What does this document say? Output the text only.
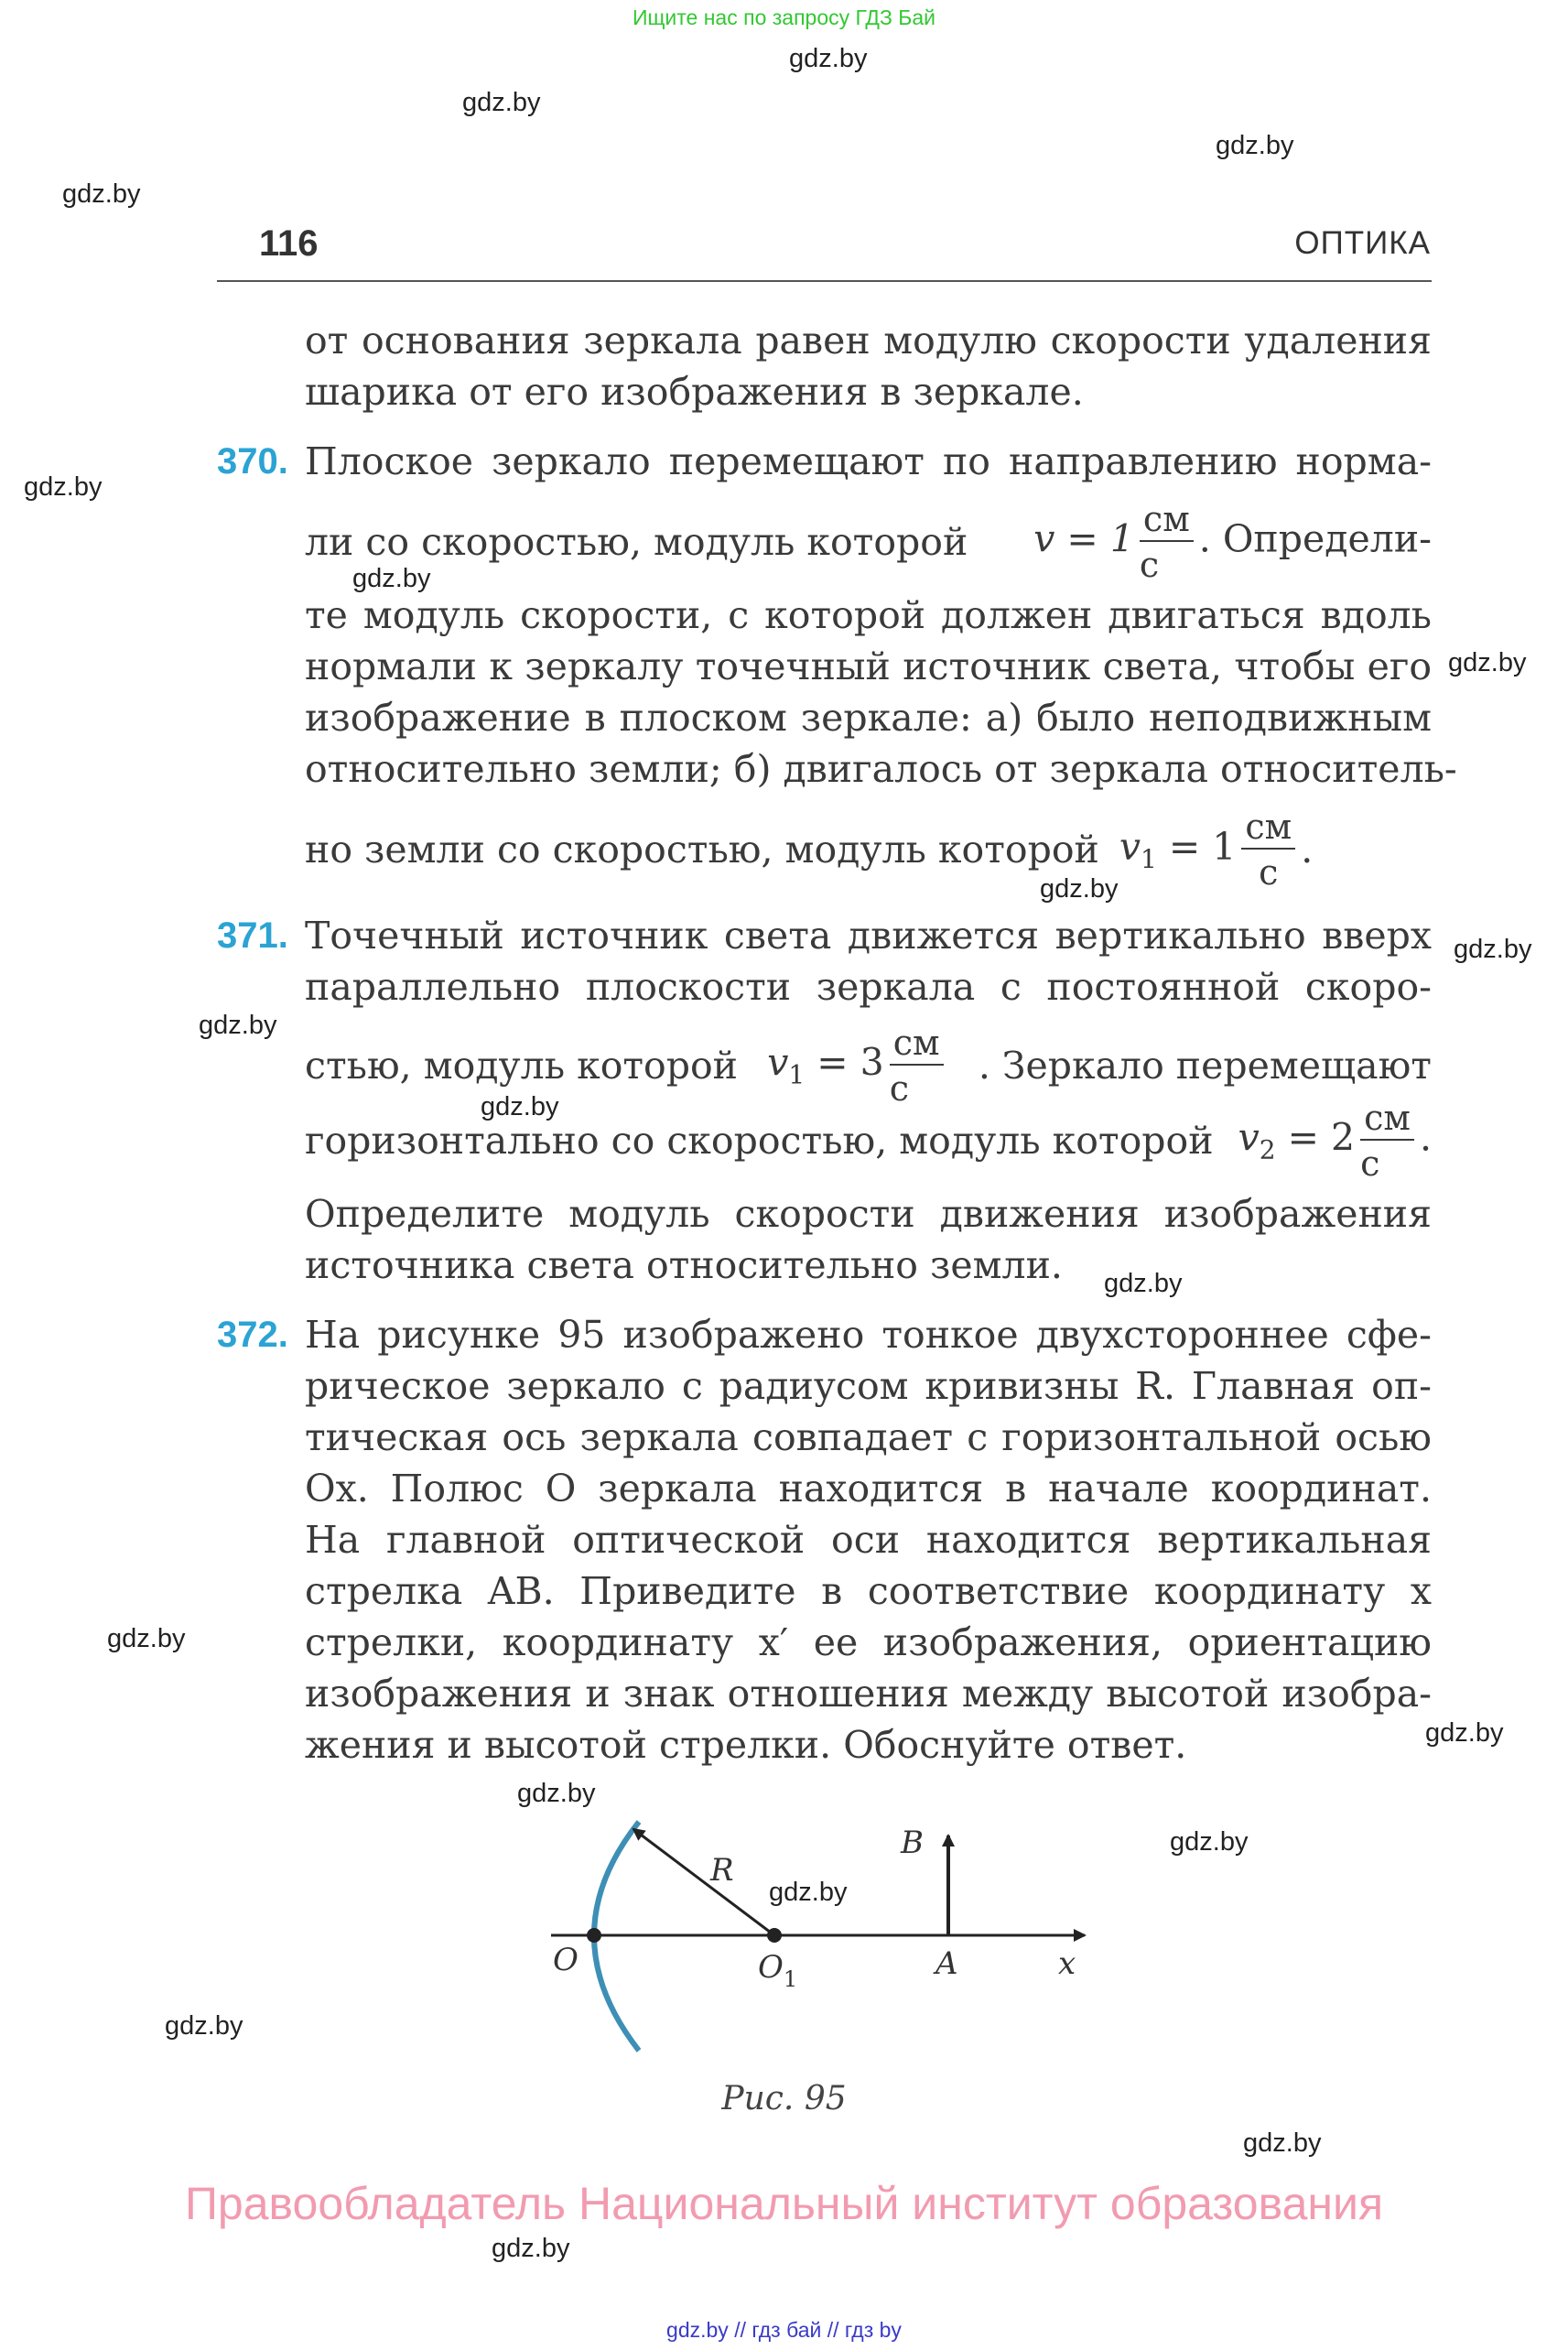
Ищите нас по запросу ГДЗ Бай
gdz.by
gdz.by
gdz.by
gdz.by
gdz.by
gdz.by
gdz.by
gdz.by
gdz.by
gdz.by
gdz.by
gdz.by
gdz.by
gdz.by
gdz.by
gdz.by
gdz.by
gdz.by
gdz.by
gdz.by
116	ОПТИКА
от основания зеркала равен модулю скорости удаления
шарика от его изображения в зеркале.
370. Плоское зеркало перемещают по направлению норма-
ли со скоростью, модуль которой $v = 1 \frac{см}{с}$ . Определи-
те модуль скорости, с которой должен двигаться вдоль
нормали к зеркалу точечный источник света, чтобы его
изображение в плоском зеркале: а) было неподвижным
относительно земли; б) двигалось от зеркала относитель-
но земли со скоростью, модуль которой $v_1 = 1 \frac{см}{с}$ .
371. Точечный источник света движется вертикально вверх
параллельно плоскости зеркала с постоянной скоро-
стью, модуль которой $v_1 = 3 \frac{см}{с}$ . Зеркало перемещают
горизонтально со скоростью, модуль которой $v_2 = 2 \frac{см}{с}$ .
Определите модуль скорости движения изображения
источника света относительно земли.
372. На рисунке 95 изображено тонкое двухстороннее сфе-
рическое зеркало с радиусом кривизны R. Главная оп-
тическая ось зеркала совпадает с горизонтальной осью
Ox. Полюс O зеркала находится в начале координат.
На главной оптической оси находится вертикальная
стрелка AB. Приведите в соответствие координату x
стрелки, координату x′ ее изображения, ориентацию
изображения и знак отношения между высотой изобра-
жения и высотой стрелки. Обоснуйте ответ.
O	$O_1$	A
B
R
x
Рис. 95
Правообладатель Национальный институт образования
gdz.by // гдз бай // гдз by
